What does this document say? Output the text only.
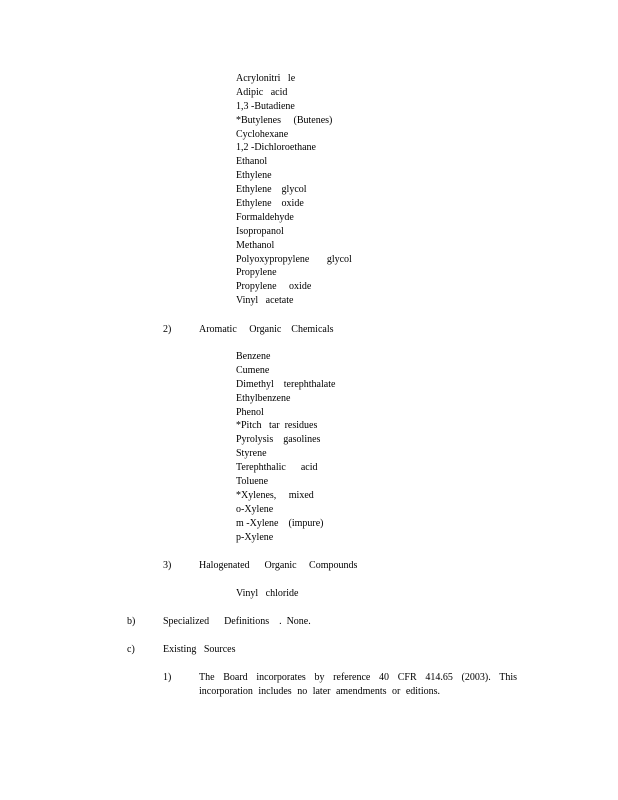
Acrylonitri   le
Adipic   acid
1,3 -Butadiene
*Butylenes     (Butenes)
Cyclohexane
1,2 -Dichloroethane
Ethanol
Ethylene
Ethylene    glycol
Ethylene    oxide
Formaldehyde
Isopropanol
Methanol
Polyoxypropylene       glycol
Propylene
Propylene     oxide
Vinyl   acetate
2)	Aromatic     Organic    Chemicals
Benzene
Cumene
Dimethyl    terephthalate
Ethylbenzene
Phenol
*Pitch   tar  residues
Pyrolysis    gasolines
Styrene
Terephthalic      acid
Toluene
*Xylenes,     mixed
o-Xylene
m -Xylene    (impure)
p-Xylene
3)	Halogenated      Organic     Compounds
Vinyl   chloride
b)	Specialized      Definitions    .  None.
c)	Existing   Sources
1)	The Board incorporates by reference 40 CFR 414.65 (2003). This incorporation includes no later amendments or editions.
